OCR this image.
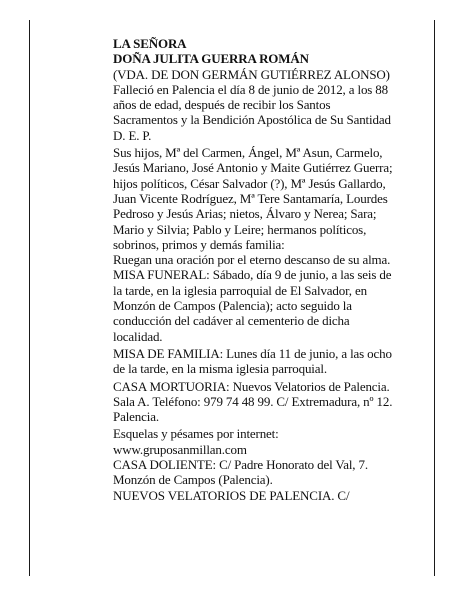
LA SEÑORA

DOÑA JULITA GUERRA ROMÁN

(VDA. DE DON GERMÁN GUTIÉRREZ ALONSO)

Falleció en Palencia el día 8 de junio de 2012, a los 88

años de edad, después de recibir los Santos

Sacramentos y la Bendición Apostólica de Su Santidad

D. E. P.

Sus hijos, Mª del Carmen, Ángel, Mª Asun, Carmelo,

Jesús Mariano, José Antonio y Maite Gutiérrez Guerra;

hijos políticos, César Salvador (?), Mª Jesús Gallardo,

Juan Vicente Rodríguez, Mª Tere Santamaría, Lourdes

Pedroso y Jesús Arias; nietos, Álvaro y Nerea; Sara;

Mario y Silvia; Pablo y Leire; hermanos políticos,

sobrinos, primos y demás familia:

Ruegan una oración por el eterno descanso de su alma.

MISA FUNERAL: Sábado, día 9 de junio, a las seis de

la tarde, en la iglesia parroquial de El Salvador, en

Monzón de Campos (Palencia); acto seguido la

conducción del cadáver al cementerio de dicha

localidad.

MISA DE FAMILIA: Lunes día 11 de junio, a las ocho

de la tarde, en la misma iglesia parroquial.

CASA MORTUORIA: Nuevos Velatorios de Palencia.

Sala A. Teléfono: 979 74 48 99. C/ Extremadura, nº 12.

Palencia.

Esquelas y pésames por internet:

www.gruposanmillan.com

CASA DOLIENTE: C/ Padre Honorato del Val, 7.

Monzón de Campos (Palencia).

NUEVOS VELATORIOS DE PALENCIA. C/
